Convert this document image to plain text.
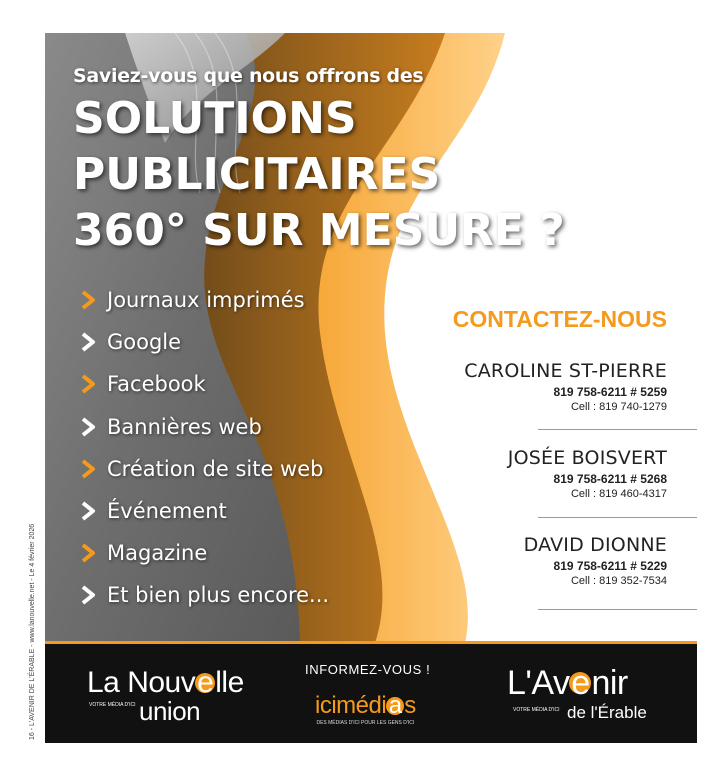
Saviez-vous que nous offrons des
SOLUTIONS
PUBLICITAIRES
360° SUR MESURE ?
Journaux imprimés
Google
Facebook
Bannières web
Création de site web
Événement
Magazine
Et bien plus encore...
CONTACTEZ-NOUS
CAROLINE ST-PIERRE
819 758-6211 # 5259
Cell : 819 740-1279
JOSÉE BOISVERT
819 758-6211 # 5268
Cell : 819 460-4317
DAVID DIONNE
819 758-6211 # 5229
Cell : 819 352-7534
La Nouvelle
VOTRE MÉDIA D'ICI union
INFORMEZ-VOUS !
icimédi a s
DES MÉDIAS D'ICI POUR LES GENS D'ICI
L'Avenir
VOTRE MÉDIA D'ICI de l'Érable
16 - L'AVENIR DE L'ÉRABLE - www.lanouvelle.net - Le 4 février 2026
